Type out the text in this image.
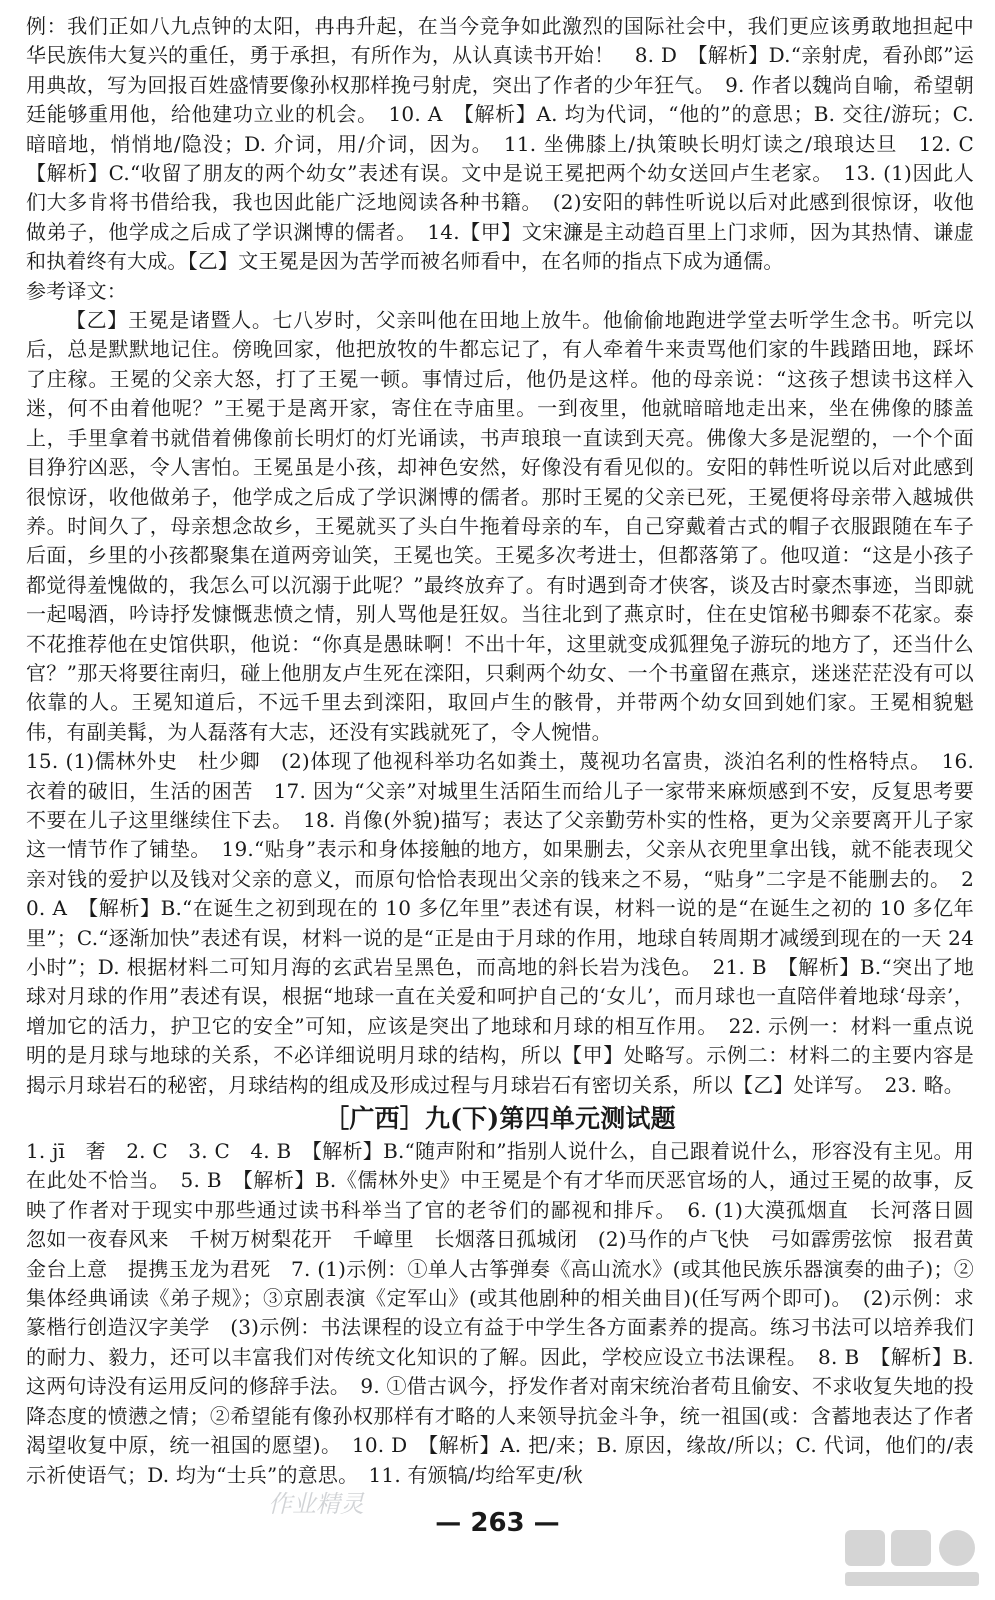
例：我们正如八九点钟的太阳，冉冉升起，在当今竞争如此激烈的国际社会中，我们更应该勇敢地担起中华民族伟大复兴的重任，勇于承担，有所作为，从认真读书开始！　8. D　【解析】D.“亲射虎，看孙郎”运用典故，写为回报百姓盛情要像孙权那样挽弓射虎，突出了作者的少年狂气。　9. 作者以魏尚自喻，希望朝廷能够重用他，给他建功立业的机会。　10. A　【解析】A. 均为代词，“他的”的意思；B. 交往/游玩；C. 暗暗地，悄悄地/隐没；D. 介词，用/介词，因为。　11. 坐佛膝上/执策映长明灯读之/琅琅达旦　12. C　【解析】C.“收留了朋友的两个幼女”表述有误。文中是说王冕把两个幼女送回卢生老家。　13. (1)因此人们大多肯将书借给我，我也因此能广泛地阅读各种书籍。　(2)安阳的韩性听说以后对此感到很惊讶，收他做弟子，他学成之后成了学识渊博的儒者。　14.【甲】文宋濂是主动趋百里上门求师，因为其热情、谦虚和执着终有大成。【乙】文王冕是因为苦学而被名师看中，在名师的指点下成为通儒。

参考译文：

【乙】王冕是诸暨人。七八岁时，父亲叫他在田地上放牛。他偷偷地跑进学堂去听学生念书。听完以后，总是默默地记住。傍晚回家，他把放牧的牛都忘记了，有人牵着牛来责骂他们家的牛践踏田地，踩坏了庄稼。王冕的父亲大怒，打了王冕一顿。事情过后，他仍是这样。他的母亲说：“这孩子想读书这样入迷，何不由着他呢？”王冕于是离开家，寄住在寺庙里。一到夜里，他就暗暗地走出来，坐在佛像的膝盖上，手里拿着书就借着佛像前长明灯的灯光诵读，书声琅琅一直读到天亮。佛像大多是泥塑的，一个个面目狰狞凶恶，令人害怕。王冕虽是小孩，却神色安然，好像没有看见似的。安阳的韩性听说以后对此感到很惊讶，收他做弟子，他学成之后成了学识渊博的儒者。那时王冕的父亲已死，王冕便将母亲带入越城供养。时间久了，母亲想念故乡，王冕就买了头白牛拖着母亲的车，自己穿戴着古式的帽子衣服跟随在车子后面，乡里的小孩都聚集在道两旁讪笑，王冕也笑。王冕多次考进士，但都落第了。他叹道：“这是小孩子都觉得羞愧做的，我怎么可以沉溺于此呢？”最终放弃了。有时遇到奇才侠客，谈及古时豪杰事迹，当即就一起喝酒，吟诗抒发慷慨悲愤之情，别人骂他是狂奴。当往北到了燕京时，住在史馆秘书卿泰不花家。泰不花推荐他在史馆供职，他说：“你真是愚昧啊！不出十年，这里就变成狐狸兔子游玩的地方了，还当什么官？”那天将要往南归，碰上他朋友卢生死在滦阳，只剩两个幼女、一个书童留在燕京，迷迷茫茫没有可以依靠的人。王冕知道后，不远千里去到滦阳，取回卢生的骸骨，并带两个幼女回到她们家。王冕相貌魁伟，有副美髯，为人磊落有大志，还没有实践就死了，令人惋惜。

15. (1)儒林外史　杜少卿　(2)体现了他视科举功名如粪土，蔑视功名富贵，淡泊名利的性格特点。　16. 衣着的破旧，生活的困苦　17. 因为“父亲”对城里生活陌生而给儿子一家带来麻烦感到不安，反复思考要不要在儿子这里继续住下去。　18. 肖像(外貌)描写；表达了父亲勤劳朴实的性格，更为父亲要离开儿子家这一情节作了铺垫。　19.“贴身”表示和身体接触的地方，如果删去，父亲从衣兜里拿出钱，就不能表现父亲对钱的爱护以及钱对父亲的意义，而原句恰恰表现出父亲的钱来之不易，“贴身”二字是不能删去的。　20. A　【解析】B.“在诞生之初到现在的 10 多亿年里”表述有误，材料一说的是“在诞生之初的 10 多亿年里”；C.“逐渐加快”表述有误，材料一说的是“正是由于月球的作用，地球自转周期才减缓到现在的一天 24 小时”；D. 根据材料二可知月海的玄武岩呈黑色，而高地的斜长岩为浅色。　21. B　【解析】B.“突出了地球对月球的作用”表述有误，根据“地球一直在关爱和呵护自己的‘女儿’，而月球也一直陪伴着地球‘母亲’，增加它的活力，护卫它的安全”可知，应该是突出了地球和月球的相互作用。　22. 示例一：材料一重点说明的是月球与地球的关系，不必详细说明月球的结构，所以【甲】处略写。示例二：材料二的主要内容是揭示月球岩石的秘密，月球结构的组成及形成过程与月球岩石有密切关系，所以【乙】处详写。　23. 略。

［广西］九(下)第四单元测试题

1. jī　奢　2. C　3. C　4. B　【解析】B.“随声附和”指别人说什么，自己跟着说什么，形容没有主见。用在此处不恰当。　5. B　【解析】B.《儒林外史》中王冕是个有才华而厌恶官场的人，通过王冕的故事，反映了作者对于现实中那些通过读书科举当了官的老爷们的鄙视和排斥。　6. (1)大漠孤烟直　长河落日圆　忽如一夜春风来　千树万树梨花开　千嶂里　长烟落日孤城闭　(2)马作的卢飞快　弓如霹雳弦惊　报君黄金台上意　提携玉龙为君死　7. (1)示例：①单人古筝弹奏《高山流水》(或其他民族乐器演奏的曲子)；②集体经典诵读《弟子规》；③京剧表演《定军山》(或其他剧种的相关曲目)(任写两个即可)。　(2)示例：求篆楷行创造汉字美学　(3)示例：书法课程的设立有益于中学生各方面素养的提高。练习书法可以培养我们的耐力、毅力，还可以丰富我们对传统文化知识的了解。因此，学校应设立书法课程。　8. B　【解析】B. 这两句诗没有运用反问的修辞手法。　9. ①借古讽今，抒发作者对南宋统治者苟且偷安、不求收复失地的投降态度的愤懑之情；②希望能有像孙权那样有才略的人来领导抗金斗争，统一祖国(或：含蓄地表达了作者渴望收复中原，统一祖国的愿望)。　10. D　【解析】A. 把/来；B. 原因，缘故/所以；C. 代词，他们的/表示祈使语气；D. 均为“士兵”的意思。　11. 有颁犒/均给军吏/秋

作业精灵
— 263 —
